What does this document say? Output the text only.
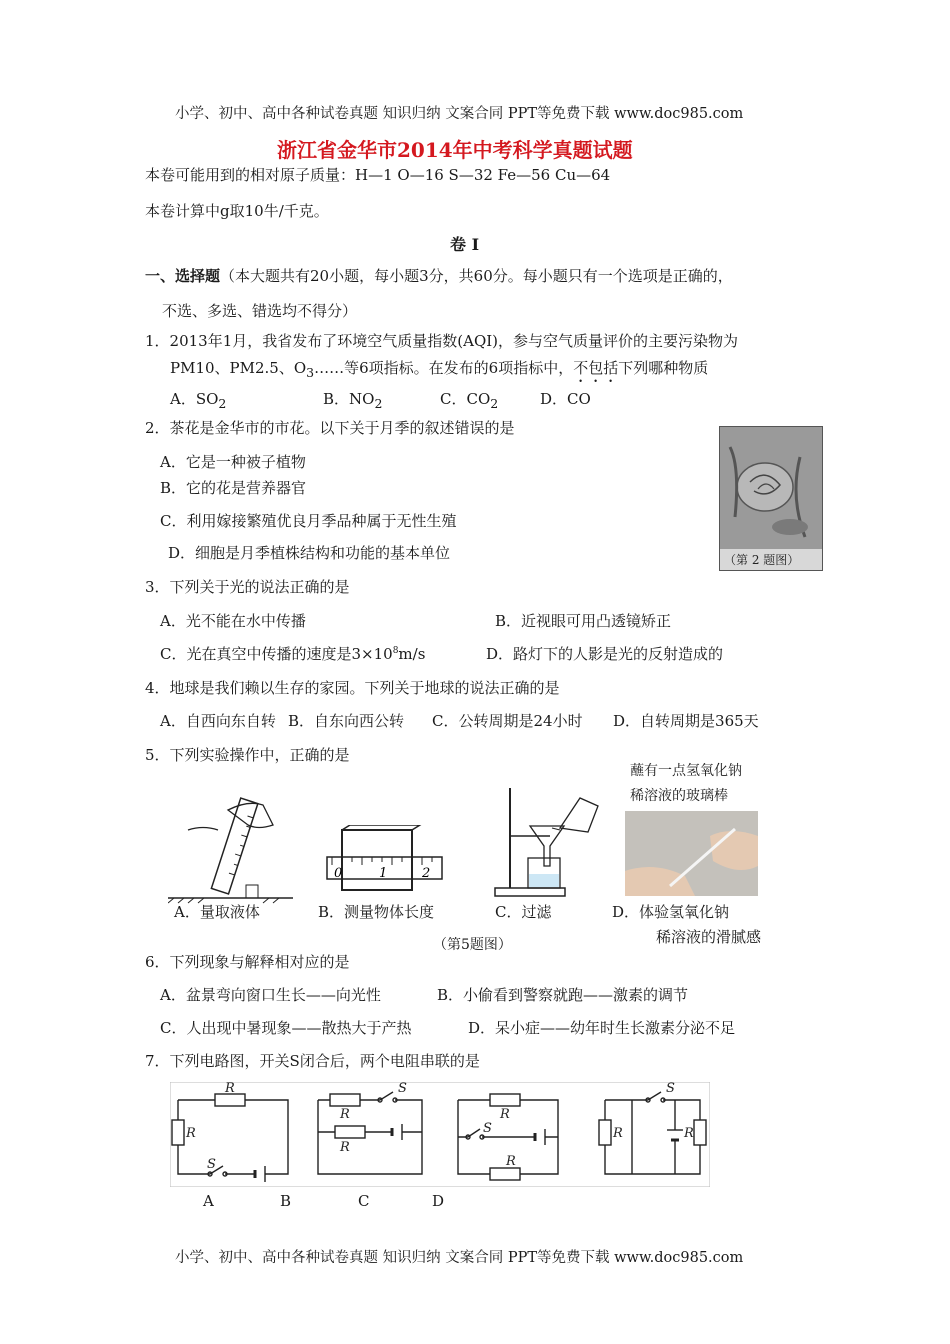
小学、初中、高中各种试卷真题 知识归纳 文案合同 PPT等免费下载 www.doc985.com
浙江省金华市2014年中考科学真题试题
本卷可能用到的相对原子质量：H—1 O—16 S—32 Fe—56 Cu—64
本卷计算中g取10牛/千克。
卷 Ⅰ
一、选择题（本大题共有20小题，每小题3分，共60分。每小题只有一个选项是正确的，
不选、多选、错选均不得分）
1．2013年1月，我省发布了环境空气质量指数(AQI)，参与空气质量评价的主要污染物为
PM10、PM2.5、$O_3\dots\dots$等6项指标。在发布的6项指标中，不包括下列哪种物质
A．$SO_2$	B．$NO_2$	C．$CO_2$	D．CO
2．茶花是金华市的市花。以下关于月季的叙述错误的是
A．它是一种被子植物
B．它的花是营养器官
C．利用嫁接繁殖优良月季品种属于无性生殖
D．细胞是月季植株结构和功能的基本单位	（第 2 题图）
3．下列关于光的说法正确的是
A．光不能在水中传播	B．近视眼可用凸透镜矫正
C．光在真空中传播的速度是$3\times 10^8m/s$	D．路灯下的人影是光的反射造成的
4．地球是我们赖以生存的家园。下列关于地球的说法正确的是
A．自西向东自转 B．自东向西公转 C．公转周期是24小时 D．自转周期是365天
5．下列实验操作中，正确的是
蘸有一点氢氧化钠
稀溶液的玻璃棒
A．量取液体
0	1	2
B．测量物体长度	C．过滤	D．体验氢氧化钠
稀溶液的滑腻感
（第5题图）
6．下列现象与解释相对应的是
A．盆景弯向窗口生长——向光性	B．小偷看到警察就跑——激素的调节
C．人出现中暑现象——散热大于产热	D．呆小症——幼年时生长激素分泌不足
7．下列电路图，开关S闭合后，两个电阻串联的是
R
R
S
R
R
S
R
R
S	R	R
S
A	B	C	D
小学、初中、高中各种试卷真题 知识归纳 文案合同 PPT等免费下载 www.doc985.com
